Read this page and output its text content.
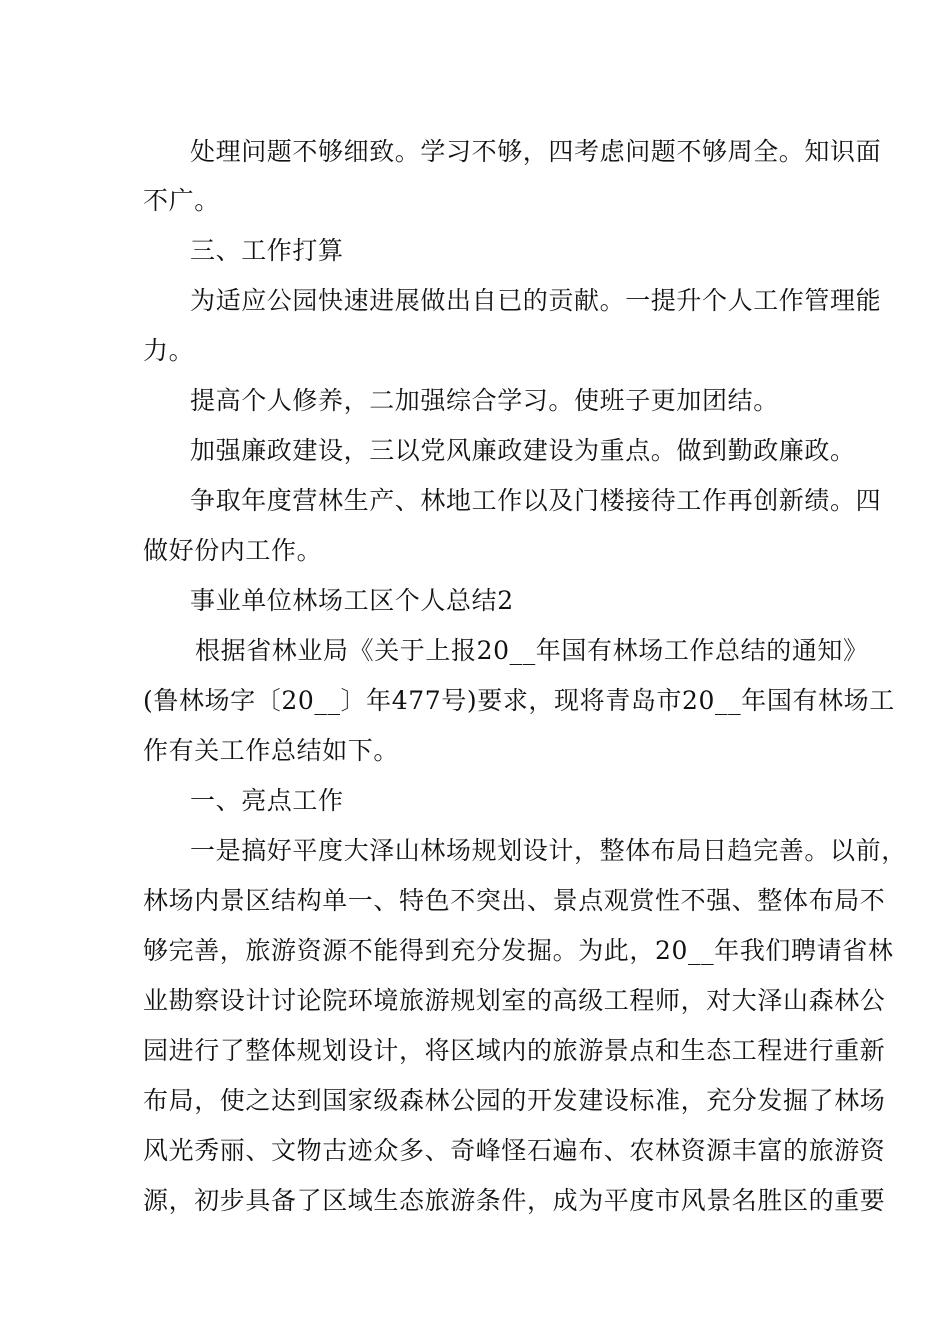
处理问题不够细致。学习不够，四考虑问题不够周全。知识面
不广。
三、工作打算
为适应公园快速进展做出自已的贡献。一提升个人工作管理能
力。
提高个人修养，二加强综合学习。使班子更加团结。
加强廉政建设，三以党风廉政建设为重点。做到勤政廉政。
争取年度营林生产、林地工作以及门楼接待工作再创新绩。四
做好份内工作。
事业单位林场工区个人总结2
根据省林业局《关于上报20__年国有林场工作总结的通知》
(鲁林场字〔20__〕年477号)要求，现将青岛市20__年国有林场工
作有关工作总结如下。
一、亮点工作
一是搞好平度大泽山林场规划设计，整体布局日趋完善。以前，
林场内景区结构单一、特色不突出、景点观赏性不强、整体布局不
够完善，旅游资源不能得到充分发掘。为此，20__年我们聘请省林
业勘察设计讨论院环境旅游规划室的高级工程师，对大泽山森林公
园进行了整体规划设计，将区域内的旅游景点和生态工程进行重新
布局，使之达到国家级森林公园的开发建设标准，充分发掘了林场
风光秀丽、文物古迹众多、奇峰怪石遍布、农林资源丰富的旅游资
源，初步具备了区域生态旅游条件，成为平度市风景名胜区的重要
